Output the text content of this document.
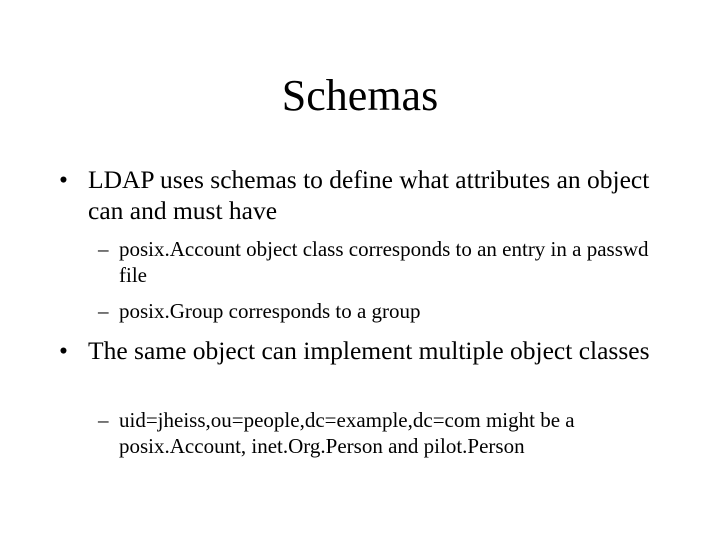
Schemas
• LDAP uses schemas to define what attributes an object can and must have
– posix.Account object class corresponds to an entry in a passwd file
– posix.Group corresponds to a group
• The same object can implement multiple object classes
– uid=jheiss,ou=people,dc=example,dc=com might be a posix.Account, inet.Org.Person and pilot.Person
